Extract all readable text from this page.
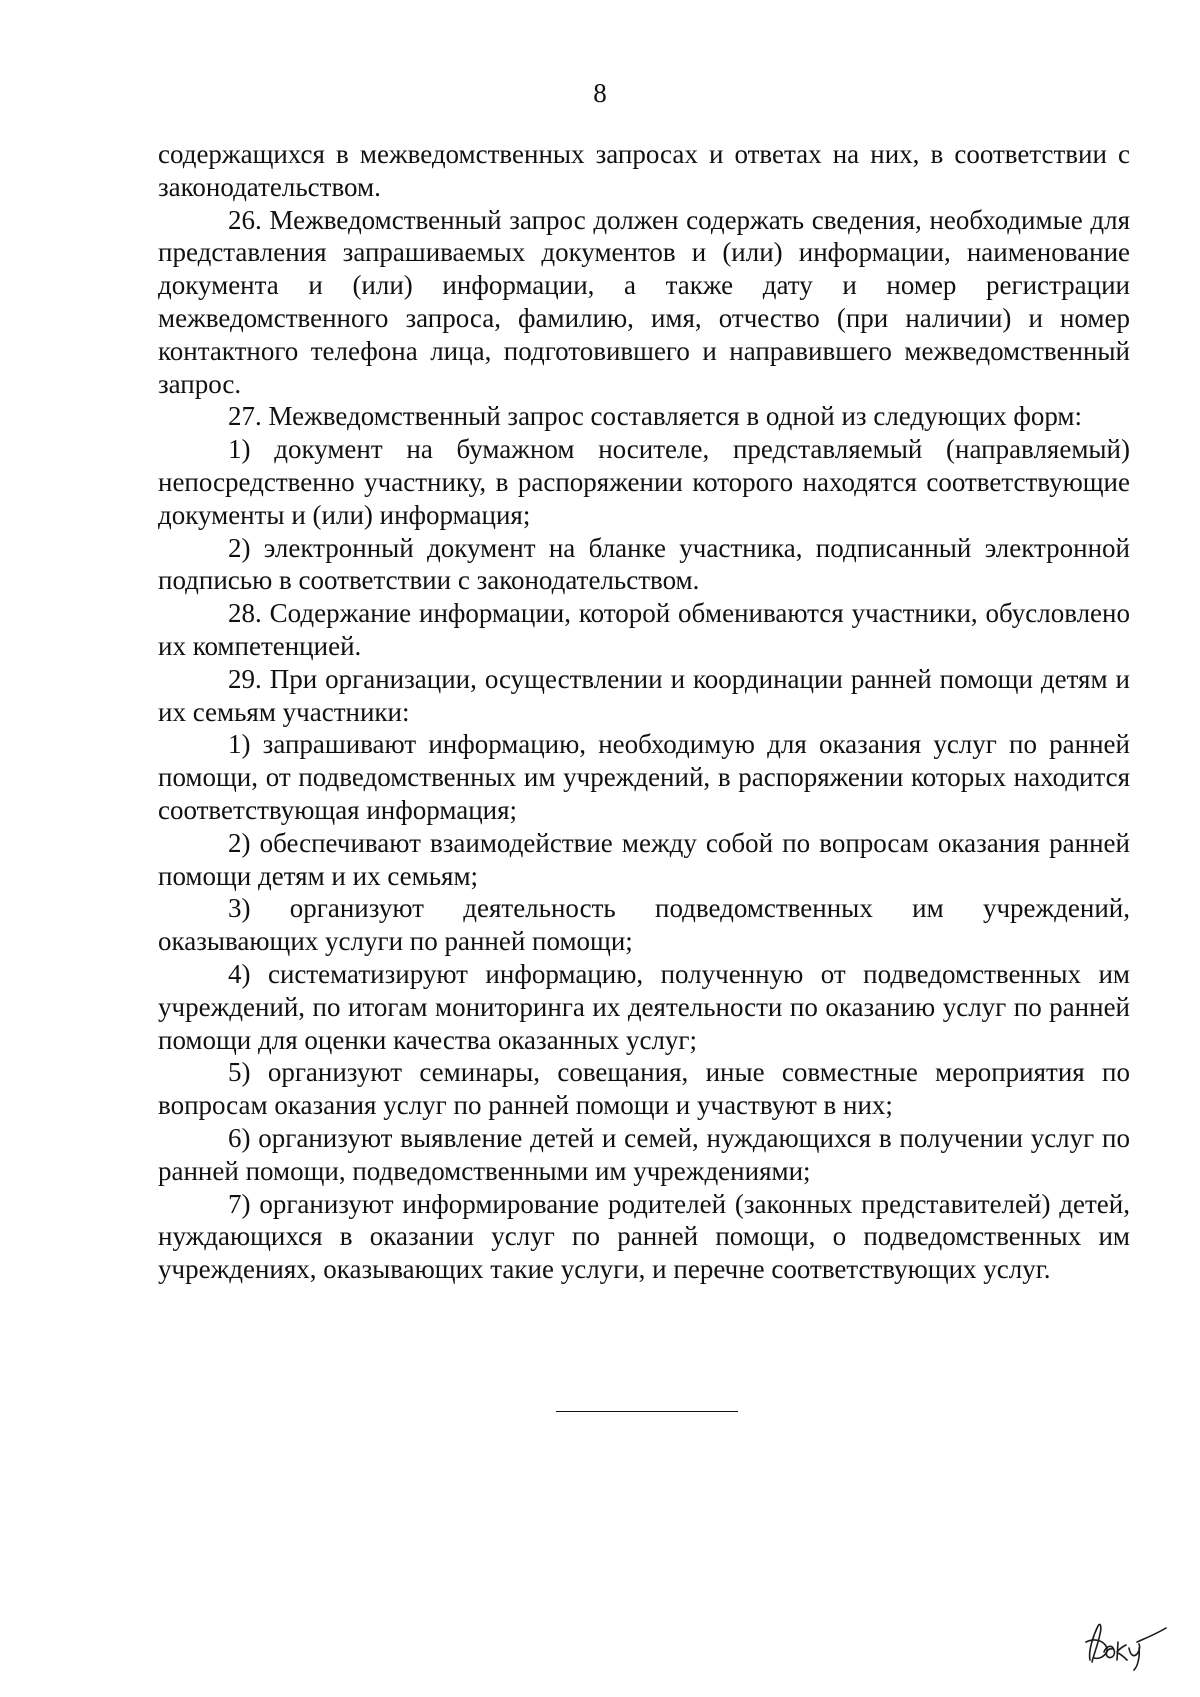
8

содержащихся в межведомственных запросах и ответах на них, в соответствии с законодательством.

26. Межведомственный запрос должен содержать сведения, необходимые для представления запрашиваемых документов и (или) информации, наименование документа и (или) информации, а также дату и номер регистрации межведомственного запроса, фамилию, имя, отчество (при наличии) и номер контактного телефона лица, подготовившего и направившего межведомственный запрос.

27. Межведомственный запрос составляется в одной из следующих форм:

1) документ на бумажном носителе, представляемый (направляемый) непосредственно участнику, в распоряжении которого находятся соответствующие документы и (или) информация;

2) электронный документ на бланке участника, подписанный электронной подписью в соответствии с законодательством.

28. Содержание информации, которой обмениваются участники, обусловлено их компетенцией.

29. При организации, осуществлении и координации ранней помощи детям и их семьям участники:

1) запрашивают информацию, необходимую для оказания услуг по ранней помощи, от подведомственных им учреждений, в распоряжении которых находится соответствующая информация;

2) обеспечивают взаимодействие между собой по вопросам оказания ранней помощи детям и их семьям;

3) организуют деятельность подведомственных им учреждений, оказывающих услуги по ранней помощи;

4) систематизируют информацию, полученную от подведомственных им учреждений, по итогам мониторинга их деятельности по оказанию услуг по ранней помощи для оценки качества оказанных услуг;

5) организуют семинары, совещания, иные совместные мероприятия по вопросам оказания услуг по ранней помощи и участвуют в них;

6) организуют выявление детей и семей, нуждающихся в получении услуг по ранней помощи, подведомственными им учреждениями;

7) организуют информирование родителей (законных представителей) детей, нуждающихся в оказании услуг по ранней помощи, о подведомственных им учреждениях, оказывающих такие услуги, и перечне соответствующих услуг.
